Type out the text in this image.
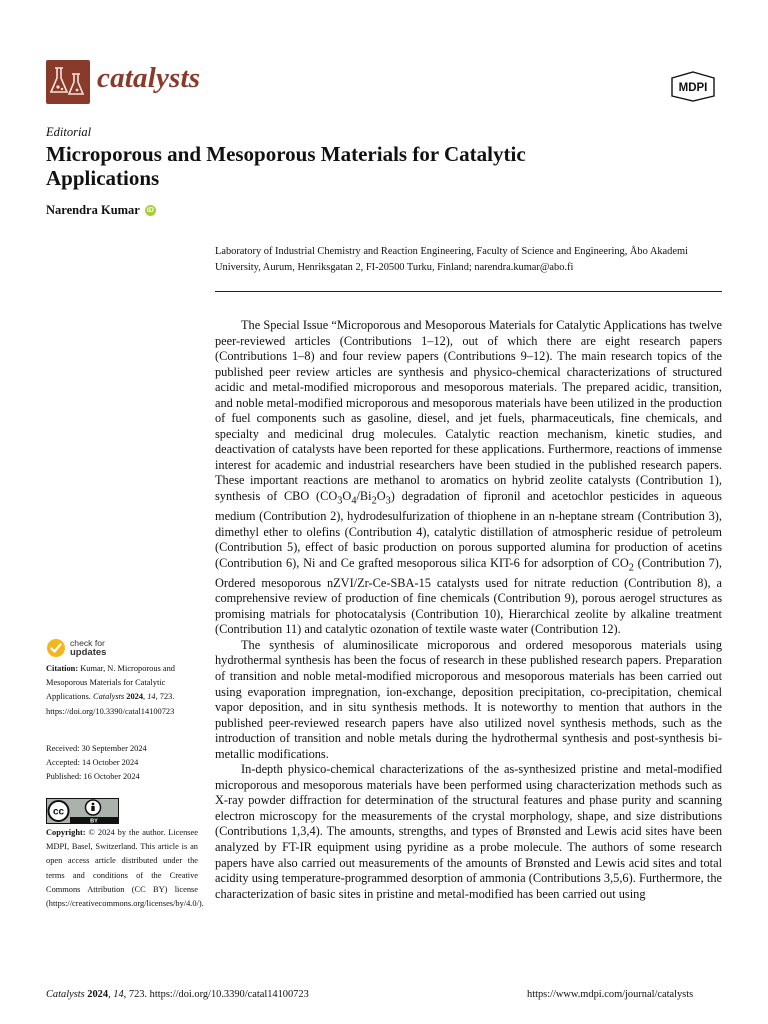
catalysts	MDPI
Editorial
Microporous and Mesoporous Materials for Catalytic Applications
Narendra Kumar iD
Laboratory of Industrial Chemistry and Reaction Engineering, Faculty of Science and Engineering, Åbo Akademi University, Aurum, Henriksgatan 2, FI-20500 Turku, Finland; narendra.kumar@abo.fi

The Special Issue “Microporous and Mesoporous Materials for Catalytic Applications has twelve peer-reviewed articles (Contributions 1–12), out of which there are eight research papers (Contributions 1–8) and four review papers (Contributions 9–12). The main research topics of the published peer review articles are synthesis and physico-chemical characterizations of structured acidic and metal-modified microporous and mesoporous materials. The prepared acidic, transition, and noble metal-modified microporous and mesoporous materials have been utilized in the production of fuel components such as gasoline, diesel, and jet fuels, pharmaceuticals, fine chemicals, and specialty and medicinal drug molecules. Catalytic reaction mechanism, kinetic studies, and deactivation of catalysts have been reported for these applications. Furthermore, reactions of immense interest for academic and industrial researchers have been studied in the published research papers. These important reactions are methanol to aromatics on hybrid zeolite catalysts (Contribution 1), synthesis of CBO $(CO_3O_4/Bi_2O_3)$ degradation of fipronil and acetochlor pesticides in aqueous medium (Contribution 2), hydrodesulfurization of thiophene in an n-heptane stream (Contribution 3), dimethyl ether to olefins (Contribution 4), catalytic distillation of atmospheric residue of petroleum (Contribution 5), effect of basic production on porous supported alumina for production of acetins (Contribution 6), Ni and Ce grafted mesoporous silica KIT-6 for adsorption of $CO_2$ (Contribution 7), Ordered mesoporous nZVI/Zr-Ce-SBA-15 catalysts used for nitrate reduction (Contribution 8), a comprehensive review of production of fine chemicals (Contribution 9), porous aerogel structures as promising matrials for photocatalysis (Contribution 10), Hierarchical zeolite by alkaline treatment (Contribution 11) and catalytic ozonation of textile waste water (Contribution 12).

The synthesis of aluminosilicate microporous and ordered mesoporous materials using hydrothermal synthesis has been the focus of research in these published research papers. Preparation of transition and noble metal-modified microporous and mesoporous materials has been carried out using evaporation impregnation, ion-exchange, deposition precipitation, co-precipitation, chemical vapor deposition, and in situ synthesis methods. It is noteworthy to mention that authors in the published peer-reviewed research papers have also utilized novel synthesis methods, such as the introduction of transition and noble metals during the hydrothermal synthesis and post-synthesis bi-metallic modifications.

In-depth physico-chemical characterizations of the as-synthesized pristine and metal-modified microporous and mesoporous materials have been performed using characterization methods such as X-ray powder diffraction for determination of the structural features and phase purity and scanning electron microscopy for the measurements of the crystal morphology, shape, and size distributions (Contributions 1,3,4). The amounts, strengths, and types of Brønsted and Lewis acid sites have been analyzed by FT-IR equipment using pyridine as a probe molecule. The authors of some research papers have also carried out measurements of the amounts of Brønsted and Lewis acid sites and total acidity using temperature-programmed desorption of ammonia (Contributions 3,5,6). Furthermore, the characterization of basic sites in pristine and metal-modified has been carried out using

check for
updates
Citation: Kumar, N. Microporous and Mesoporous Materials for Catalytic Applications. Catalysts 2024, 14, 723. https://doi.org/10.3390/catal14100723
Received: 30 September 2024
Accepted: 14 October 2024
Published: 16 October 2024
cc
BY
Copyright: © 2024 by the author. Licensee MDPI, Basel, Switzerland. This article is an open access article distributed under the terms and conditions of the Creative Commons Attribution (CC BY) license (https://creativecommons.org/licenses/by/4.0/).
Catalysts 2024, 14, 723. https://doi.org/10.3390/catal14100723	https://www.mdpi.com/journal/catalysts
